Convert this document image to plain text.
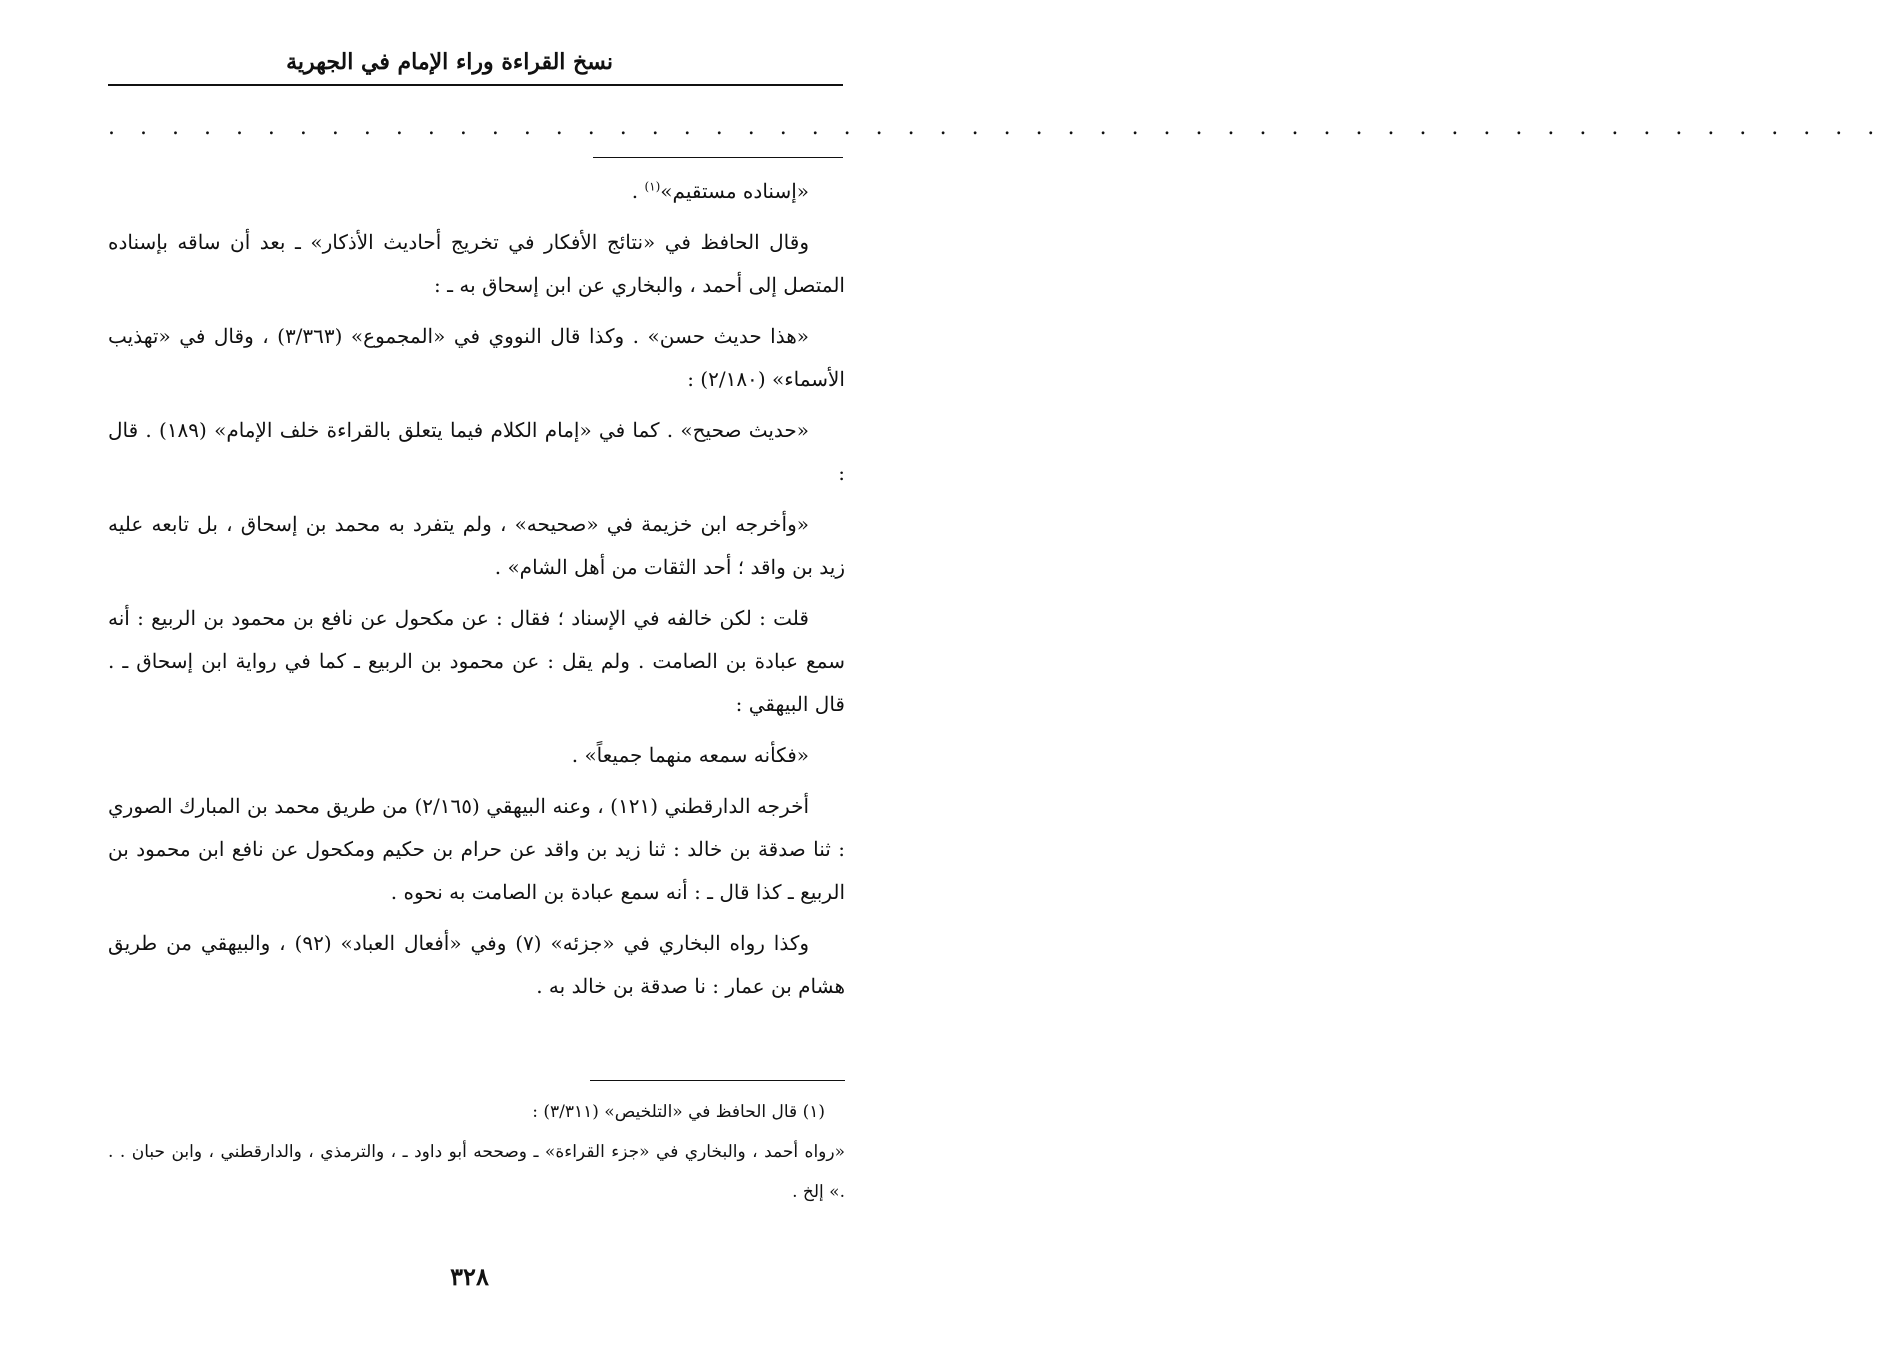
نسخ القراءة وراء الإمام في الجهرية
. . . . . . . . . . . . . . . . . . . . . . . . . . . . . . . . . . . . . . . . . . . . . . . . . . . . . . . .

«إسناده مستقيم»$^{(١)}$ .

وقال الحافظ في «نتائج الأفكار في تخريج أحاديث الأذكار» ـ بعد أن ساقه بإسناده المتصل إلى أحمد ، والبخاري عن ابن إسحاق به ـ :

«هذا حديث حسن» . وكذا قال النووي في «المجموع» (٣/٣٦٣) ، وقال في «تهذيب الأسماء» (٢/١٨٠) :

«حديث صحيح» . كما في «إمام الكلام فيما يتعلق بالقراءة خلف الإمام» (١٨٩) . قال :

«وأخرجه ابن خزيمة في «صحيحه» ، ولم يتفرد به محمد بن إسحاق ، بل تابعه عليه زيد بن واقد ؛ أحد الثقات من أهل الشام» .

قلت : لكن خالفه في الإسناد ؛ فقال : عن مكحول عن نافع بن محمود بن الربيع : أنه سمع عبادة بن الصامت . ولم يقل : عن محمود بن الربيع ـ كما في رواية ابن إسحاق ـ . قال البيهقي :

«فكأنه سمعه منهما جميعاً» .

أخرجه الدارقطني (١٢١) ، وعنه البيهقي (٢/١٦٥) من طريق محمد بن المبارك الصوري : ثنا صدقة بن خالد : ثنا زيد بن واقد عن حرام بن حكيم ومكحول عن نافع ابن محمود بن الربيع ـ كذا قال ـ : أنه سمع عبادة بن الصامت به نحوه .

وكذا رواه البخاري في «جزئه» (٧) وفي «أفعال العباد» (٩٢) ، والبيهقي من طريق هشام بن عمار : نا صدقة بن خالد به .

(١) قال الحافظ في «التلخيص» (٣/٣١١) :

«رواه أحمد ، والبخاري في «جزء القراءة» ـ وصححه أبو داود ـ ، والترمذي ، والدارقطني ، وابن حبان . . .» إلخ .

٣٢٨
